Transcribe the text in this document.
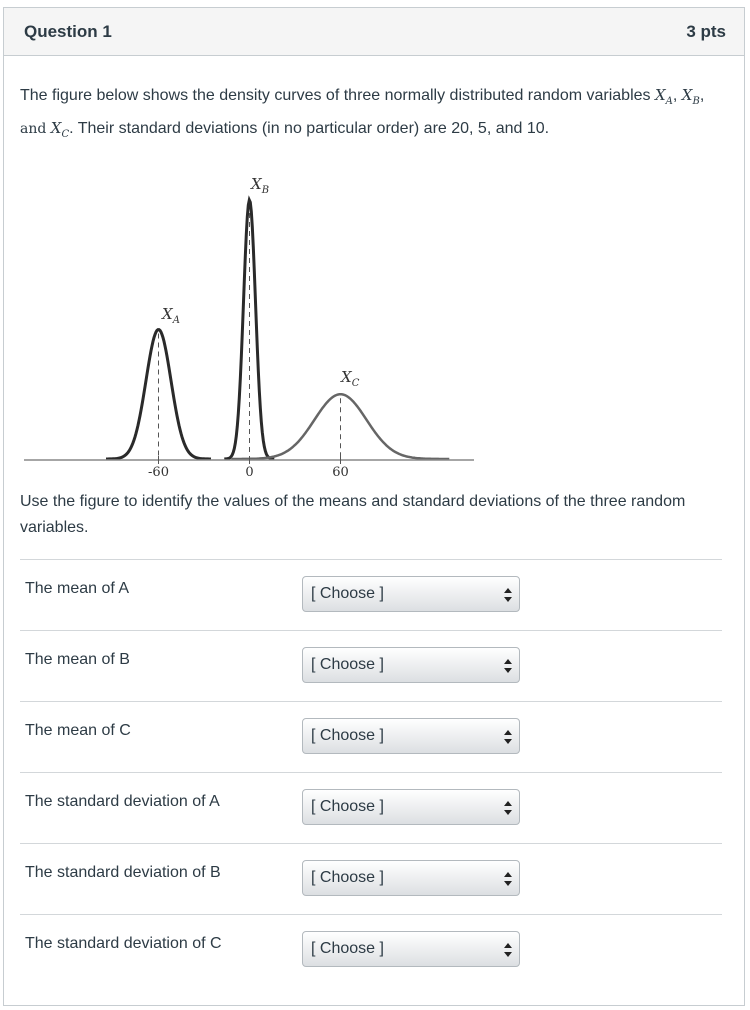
Question 1	3 pts
The figure below shows the density curves of three normally distributed random variables $X_A$, $X_B$, and $X_C$. Their standard deviations (in no particular order) are 20, 5, and 10.
-60	0	60
$X_A$
$X_B$
$X_C$
Use the figure to identify the values of the means and standard deviations of the three random variables.
The mean of A	[ Choose ]
The mean of B	[ Choose ]
The mean of C	[ Choose ]
The standard deviation of A	[ Choose ]
The standard deviation of B	[ Choose ]
The standard deviation of C	[ Choose ]
